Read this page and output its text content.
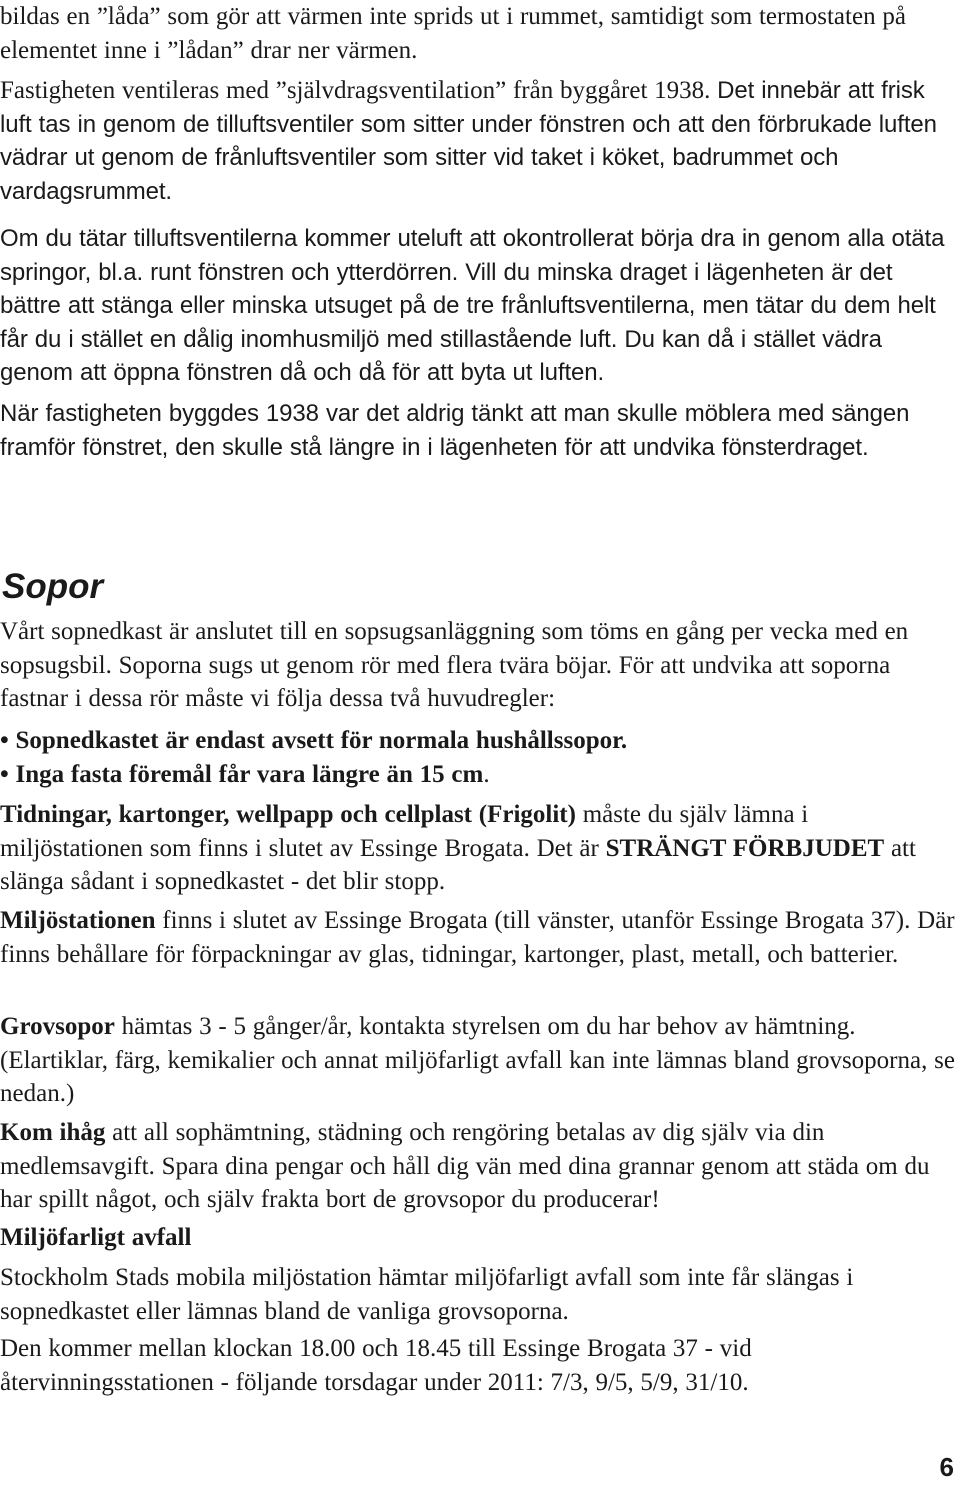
bildas en ”låda” som gör att värmen inte sprids ut i rummet, samtidigt som termostaten på elementet inne i ”lådan” drar ner värmen.

Fastigheten ventileras med ”självdragsventilation” från byggåret 1938. Det innebär att frisk luft tas in genom de tilluftsventiler som sitter under fönstren och att den förbrukade luften vädrar ut genom de frånluftsventiler som sitter vid taket i köket, badrummet och vardagsrummet.

Om du tätar tilluftsventilerna kommer uteluft att okontrollerat börja dra in genom alla otäta springor, bl.a. runt fönstren och ytterdörren. Vill du minska draget i lägenheten är det bättre att stänga eller minska utsuget på de tre frånluftsventilerna, men tätar du dem helt får du i stället en dålig inomhusmiljö med stillastående luft. Du kan då i stället vädra genom att öppna fönstren då och då för att byta ut luften.

När fastigheten byggdes 1938 var det aldrig tänkt att man skulle möblera med sängen framför fönstret, den skulle stå längre in i lägenheten för att undvika fönsterdraget.

Sopor

Vårt sopnedkast är anslutet till en sopsugsanläggning som töms en gång per vecka med en sopsugsbil. Soporna sugs ut genom rör med flera tvära böjar. För att undvika att soporna fastnar i dessa rör måste vi följa dessa två huvudregler:

• Sopnedkastet är endast avsett för normala hushållssopor.

• Inga fasta föremål får vara längre än 15 cm.

Tidningar, kartonger, wellpapp och cellplast (Frigolit) måste du själv lämna i miljöstationen som finns i slutet av Essinge Brogata. Det är STRÄNGT FÖRBJUDET att slänga sådant i sopnedkastet - det blir stopp.

Miljöstationen finns i slutet av Essinge Brogata (till vänster, utanför Essinge Brogata 37). Där finns behållare för förpackningar av glas, tidningar, kartonger, plast, metall, och batterier.

Grovsopor hämtas 3 - 5 gånger/år, kontakta styrelsen om du har behov av hämtning. (Elartiklar, färg, kemikalier och annat miljöfarligt avfall kan inte lämnas bland grovsoporna, se nedan.)

Kom ihåg att all sophämtning, städning och rengöring betalas av dig själv via din medlemsavgift. Spara dina pengar och håll dig vän med dina grannar genom att städa om du har spillt något, och själv frakta bort de grovsopor du producerar!

Miljöfarligt avfall

Stockholm Stads mobila miljöstation hämtar miljöfarligt avfall som inte får slängas i sopnedkastet eller lämnas bland de vanliga grovsoporna.

Den kommer mellan klockan 18.00 och 18.45 till Essinge Brogata 37 - vid återvinningsstationen - följande torsdagar under 2011: 7/3, 9/5, 5/9, 31/10.

6
